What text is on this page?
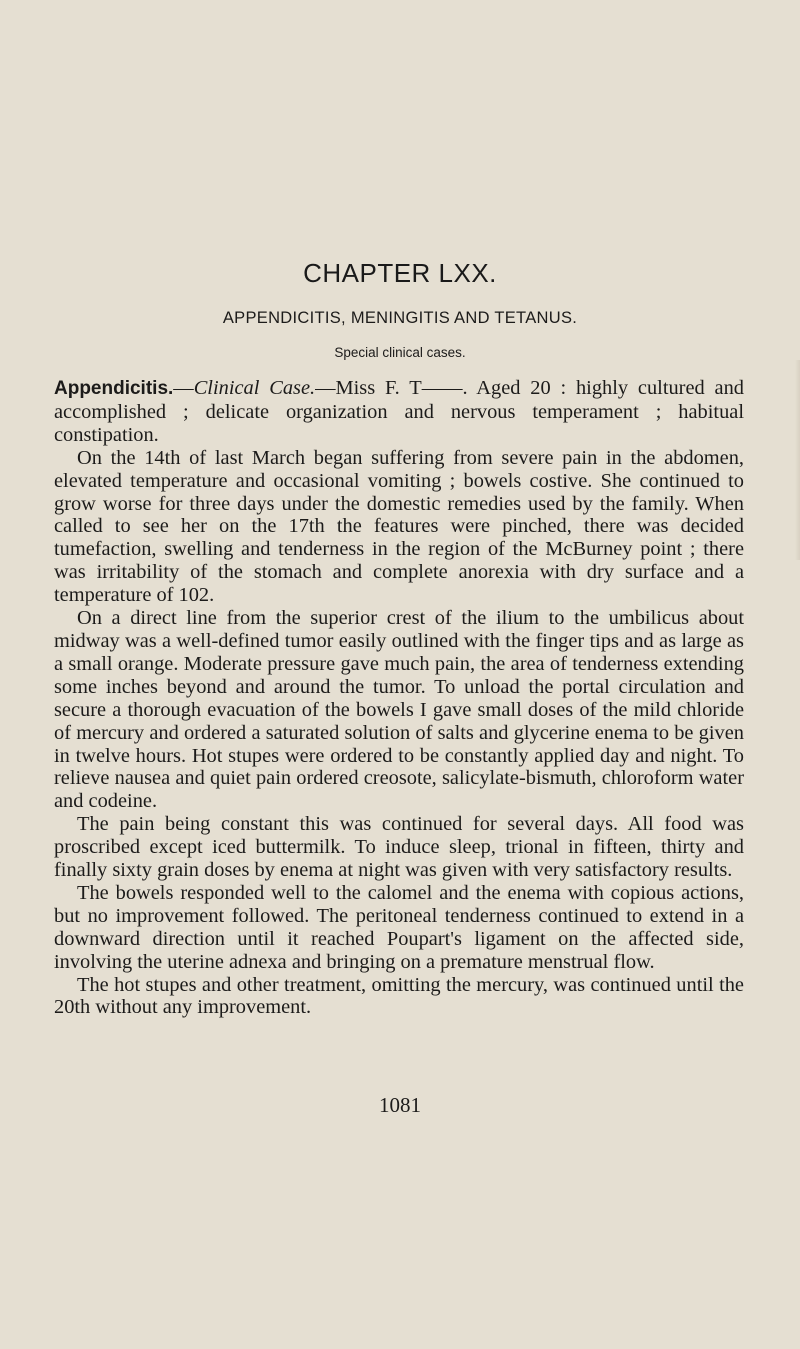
CHAPTER LXX.
APPENDICITIS, MENINGITIS AND TETANUS.
Special clinical cases.

Appendicitis.—Clinical Case.—Miss F. T——. Aged 20 : highly cultured and accomplished ; delicate organization and nervous temperament ; habitual constipation.

On the 14th of last March began suffering from severe pain in the abdomen, elevated temperature and occasional vomiting ; bowels costive. She continued to grow worse for three days under the domestic remedies used by the family. When called to see her on the 17th the features were pinched, there was decided tumefaction, swelling and tenderness in the region of the McBurney point ; there was irritability of the stomach and complete anorexia with dry surface and a temperature of 102.

On a direct line from the superior crest of the ilium to the umbilicus about midway was a well-defined tumor easily outlined with the finger tips and as large as a small orange. Moderate pressure gave much pain, the area of tenderness extending some inches beyond and around the tumor. To unload the portal circulation and secure a thorough evacuation of the bowels I gave small doses of the mild chloride of mercury and ordered a saturated solution of salts and glycerine enema to be given in twelve hours. Hot stupes were ordered to be constantly applied day and night. To relieve nausea and quiet pain ordered creosote, salicylate-bismuth, chloroform water and codeine.

The pain being constant this was continued for several days. All food was proscribed except iced buttermilk. To induce sleep, trional in fifteen, thirty and finally sixty grain doses by enema at night was given with very satisfactory results.

The bowels responded well to the calomel and the enema with copious actions, but no improvement followed. The peritoneal tenderness continued to extend in a downward direction until it reached Poupart's ligament on the affected side, involving the uterine adnexa and bringing on a premature menstrual flow.

The hot stupes and other treatment, omitting the mercury, was continued until the 20th without any improvement.

1081
